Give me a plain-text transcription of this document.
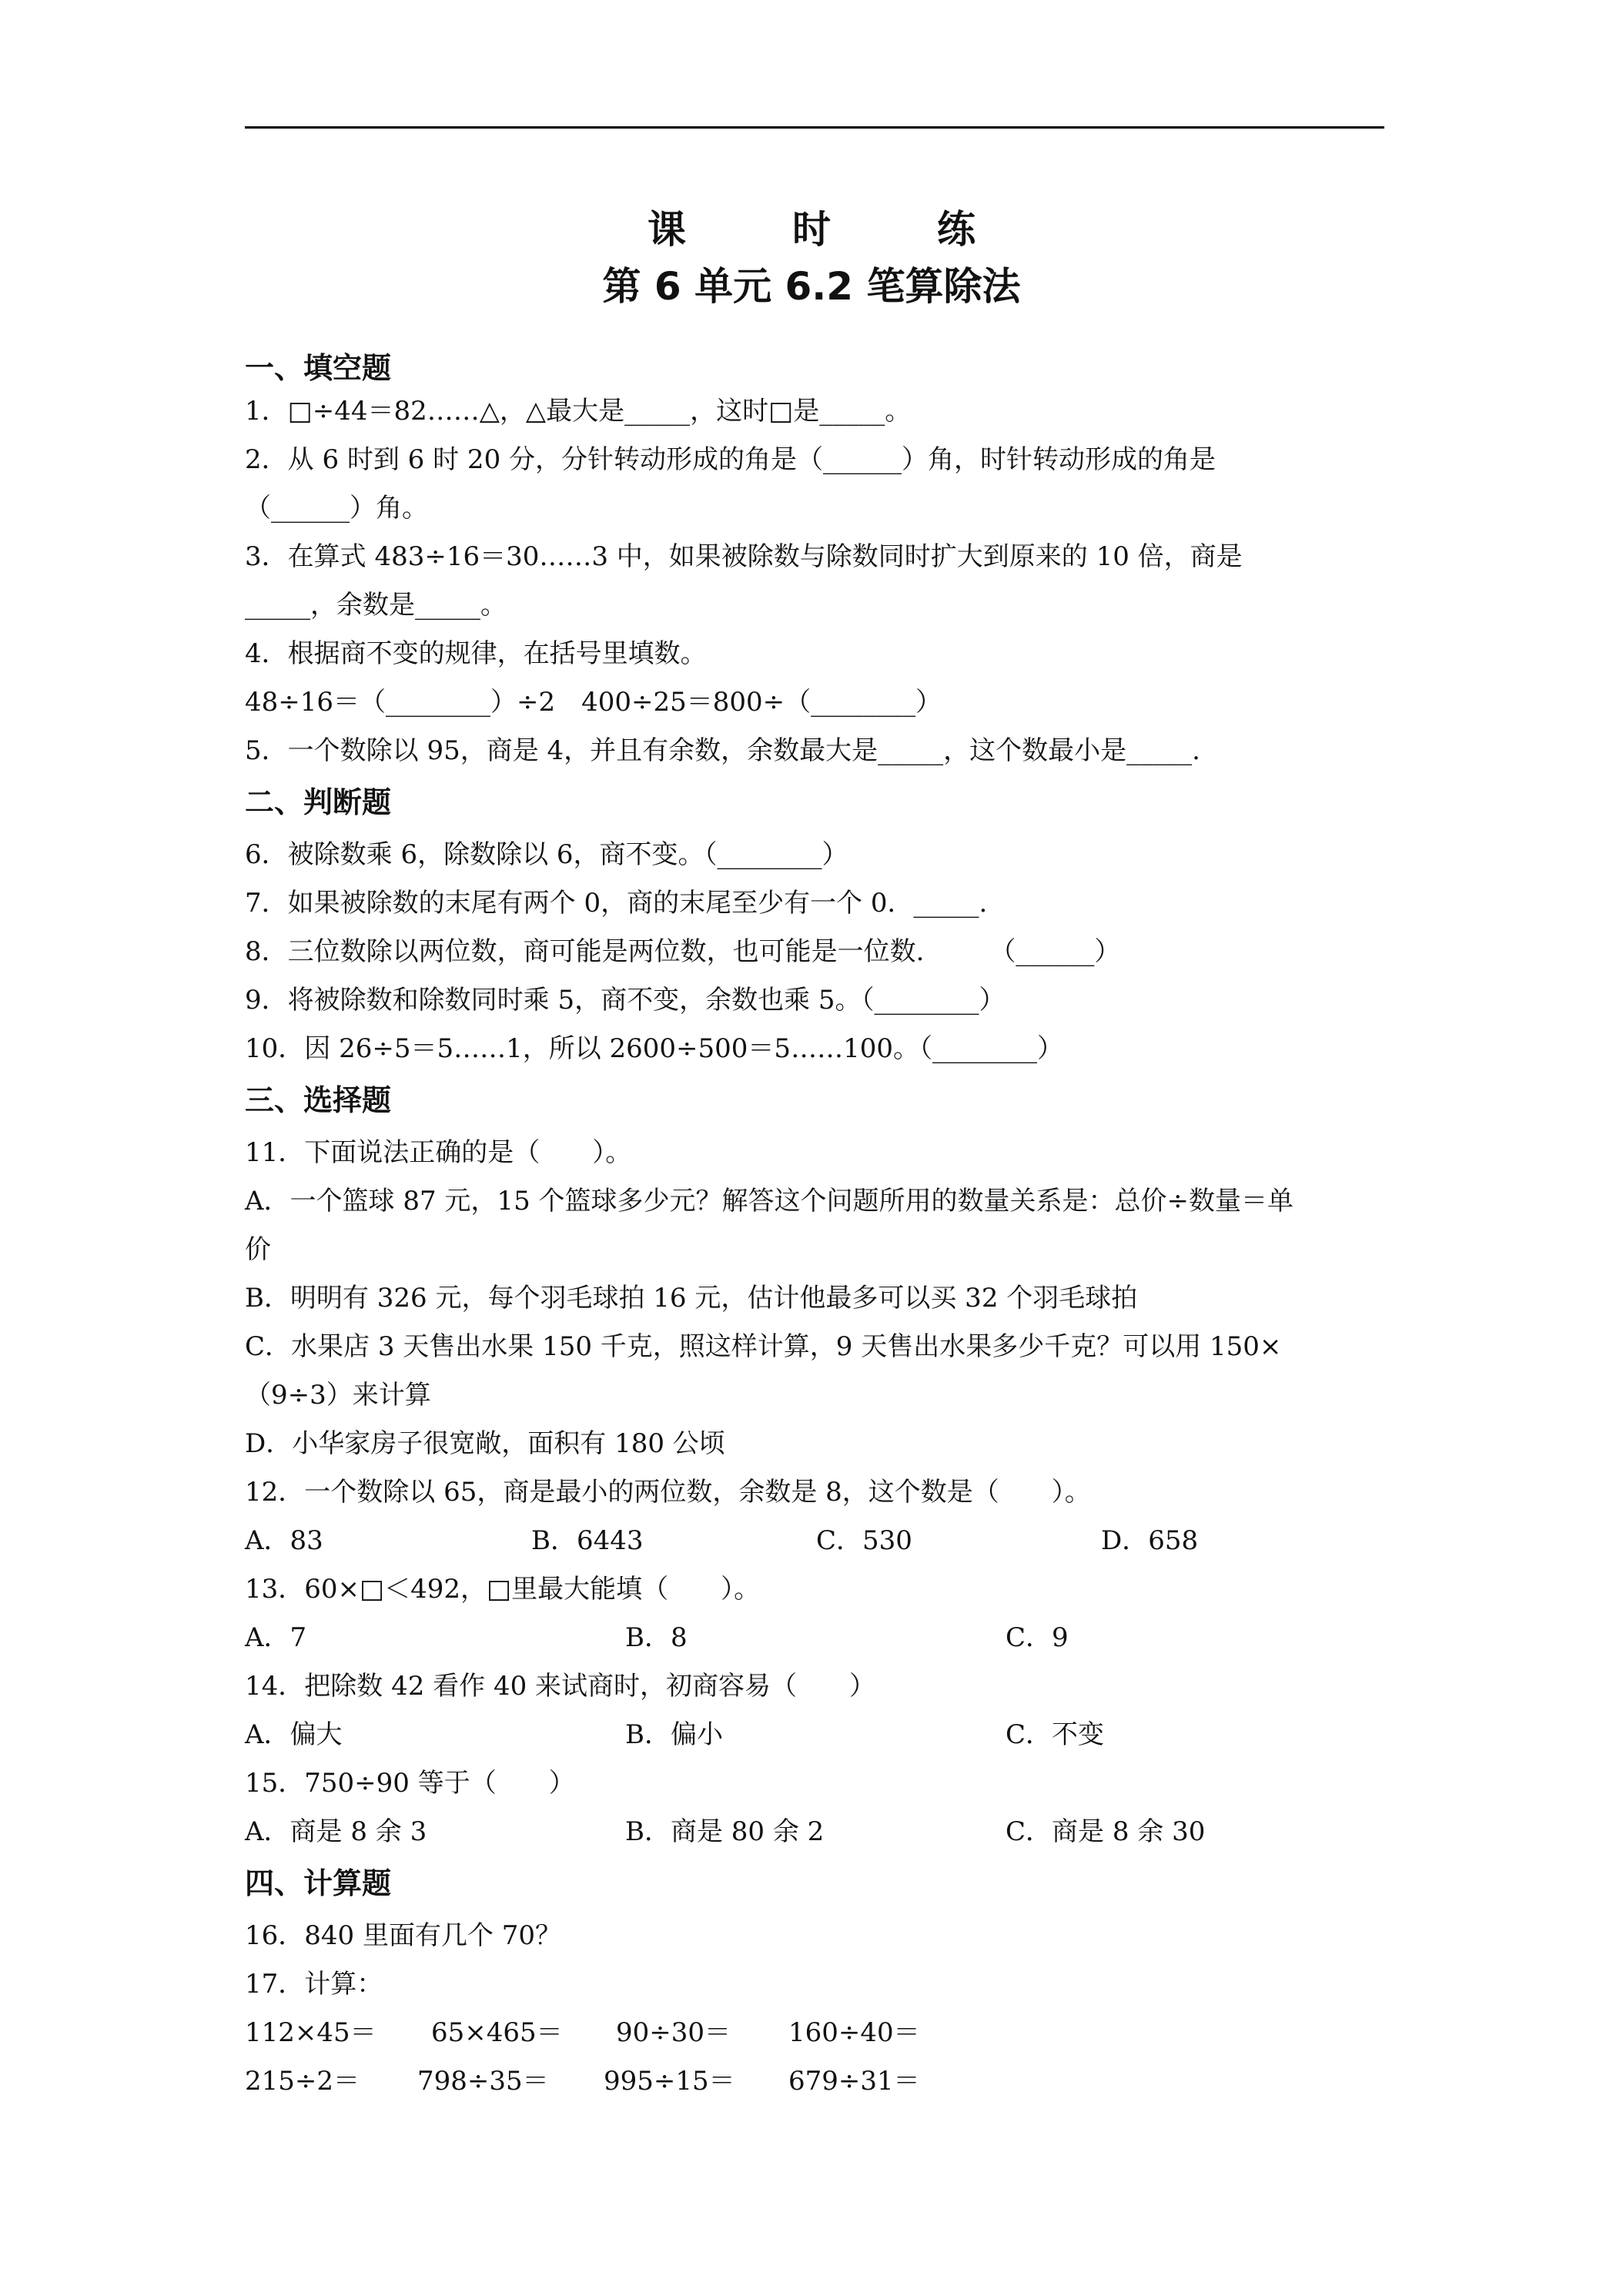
课　时　练
第 6 单元 6.2 笔算除法
一、填空题
1．□÷44＝82……△，△最大是_____，这时□是_____。
2．从 6 时到 6 时 20 分，分针转动形成的角是（______）角，时针转动形成的角是
（______）角。
3．在算式 483÷16＝30……3 中，如果被除数与除数同时扩大到原来的 10 倍，商是
_____，余数是_____。
4．根据商不变的规律，在括号里填数。
48÷16＝（________）÷2　400÷25＝800÷（________）
5．一个数除以 95，商是 4，并且有余数，余数最大是_____，这个数最小是_____.
二、判断题
6．被除数乘 6，除数除以 6，商不变。（________）
7．如果被除数的末尾有两个 0，商的末尾至少有一个 0．_____.
8．三位数除以两位数，商可能是两位数，也可能是一位数.　　　（______）
9．将被除数和除数同时乘 5，商不变，余数也乘 5。（________）
10．因 26÷5＝5……1，所以 2600÷500＝5……100。（________）
三、选择题
11．下面说法正确的是（　　）。
A．一个篮球 87 元，15 个篮球多少元？解答这个问题所用的数量关系是：总价÷数量＝单
价
B．明明有 326 元，每个羽毛球拍 16 元，估计他最多可以买 32 个羽毛球拍
C．水果店 3 天售出水果 150 千克，照这样计算，9 天售出水果多少千克？可以用 150×
（9÷3）来计算
D．小华家房子很宽敞，面积有 180 公顷
12．一个数除以 65，商是最小的两位数，余数是 8，这个数是（　　）。
A．83	B．6443	C．530	D．658
13．60×□＜492，□里最大能填（　　）。
A．7	B．8	C．9
14．把除数 42 看作 40 来试商时，初商容易（　　）
A．偏大	B．偏小	C．不变
15．750÷90 等于（　　）
A．商是 8 余 3	B．商是 80 余 2	C．商是 8 余 30
四、计算题
16．840 里面有几个 70？
17．计算：
112×45＝ 65×465＝ 90÷30＝ 160÷40＝
215÷2＝ 798÷35＝ 995÷15＝ 679÷31＝
